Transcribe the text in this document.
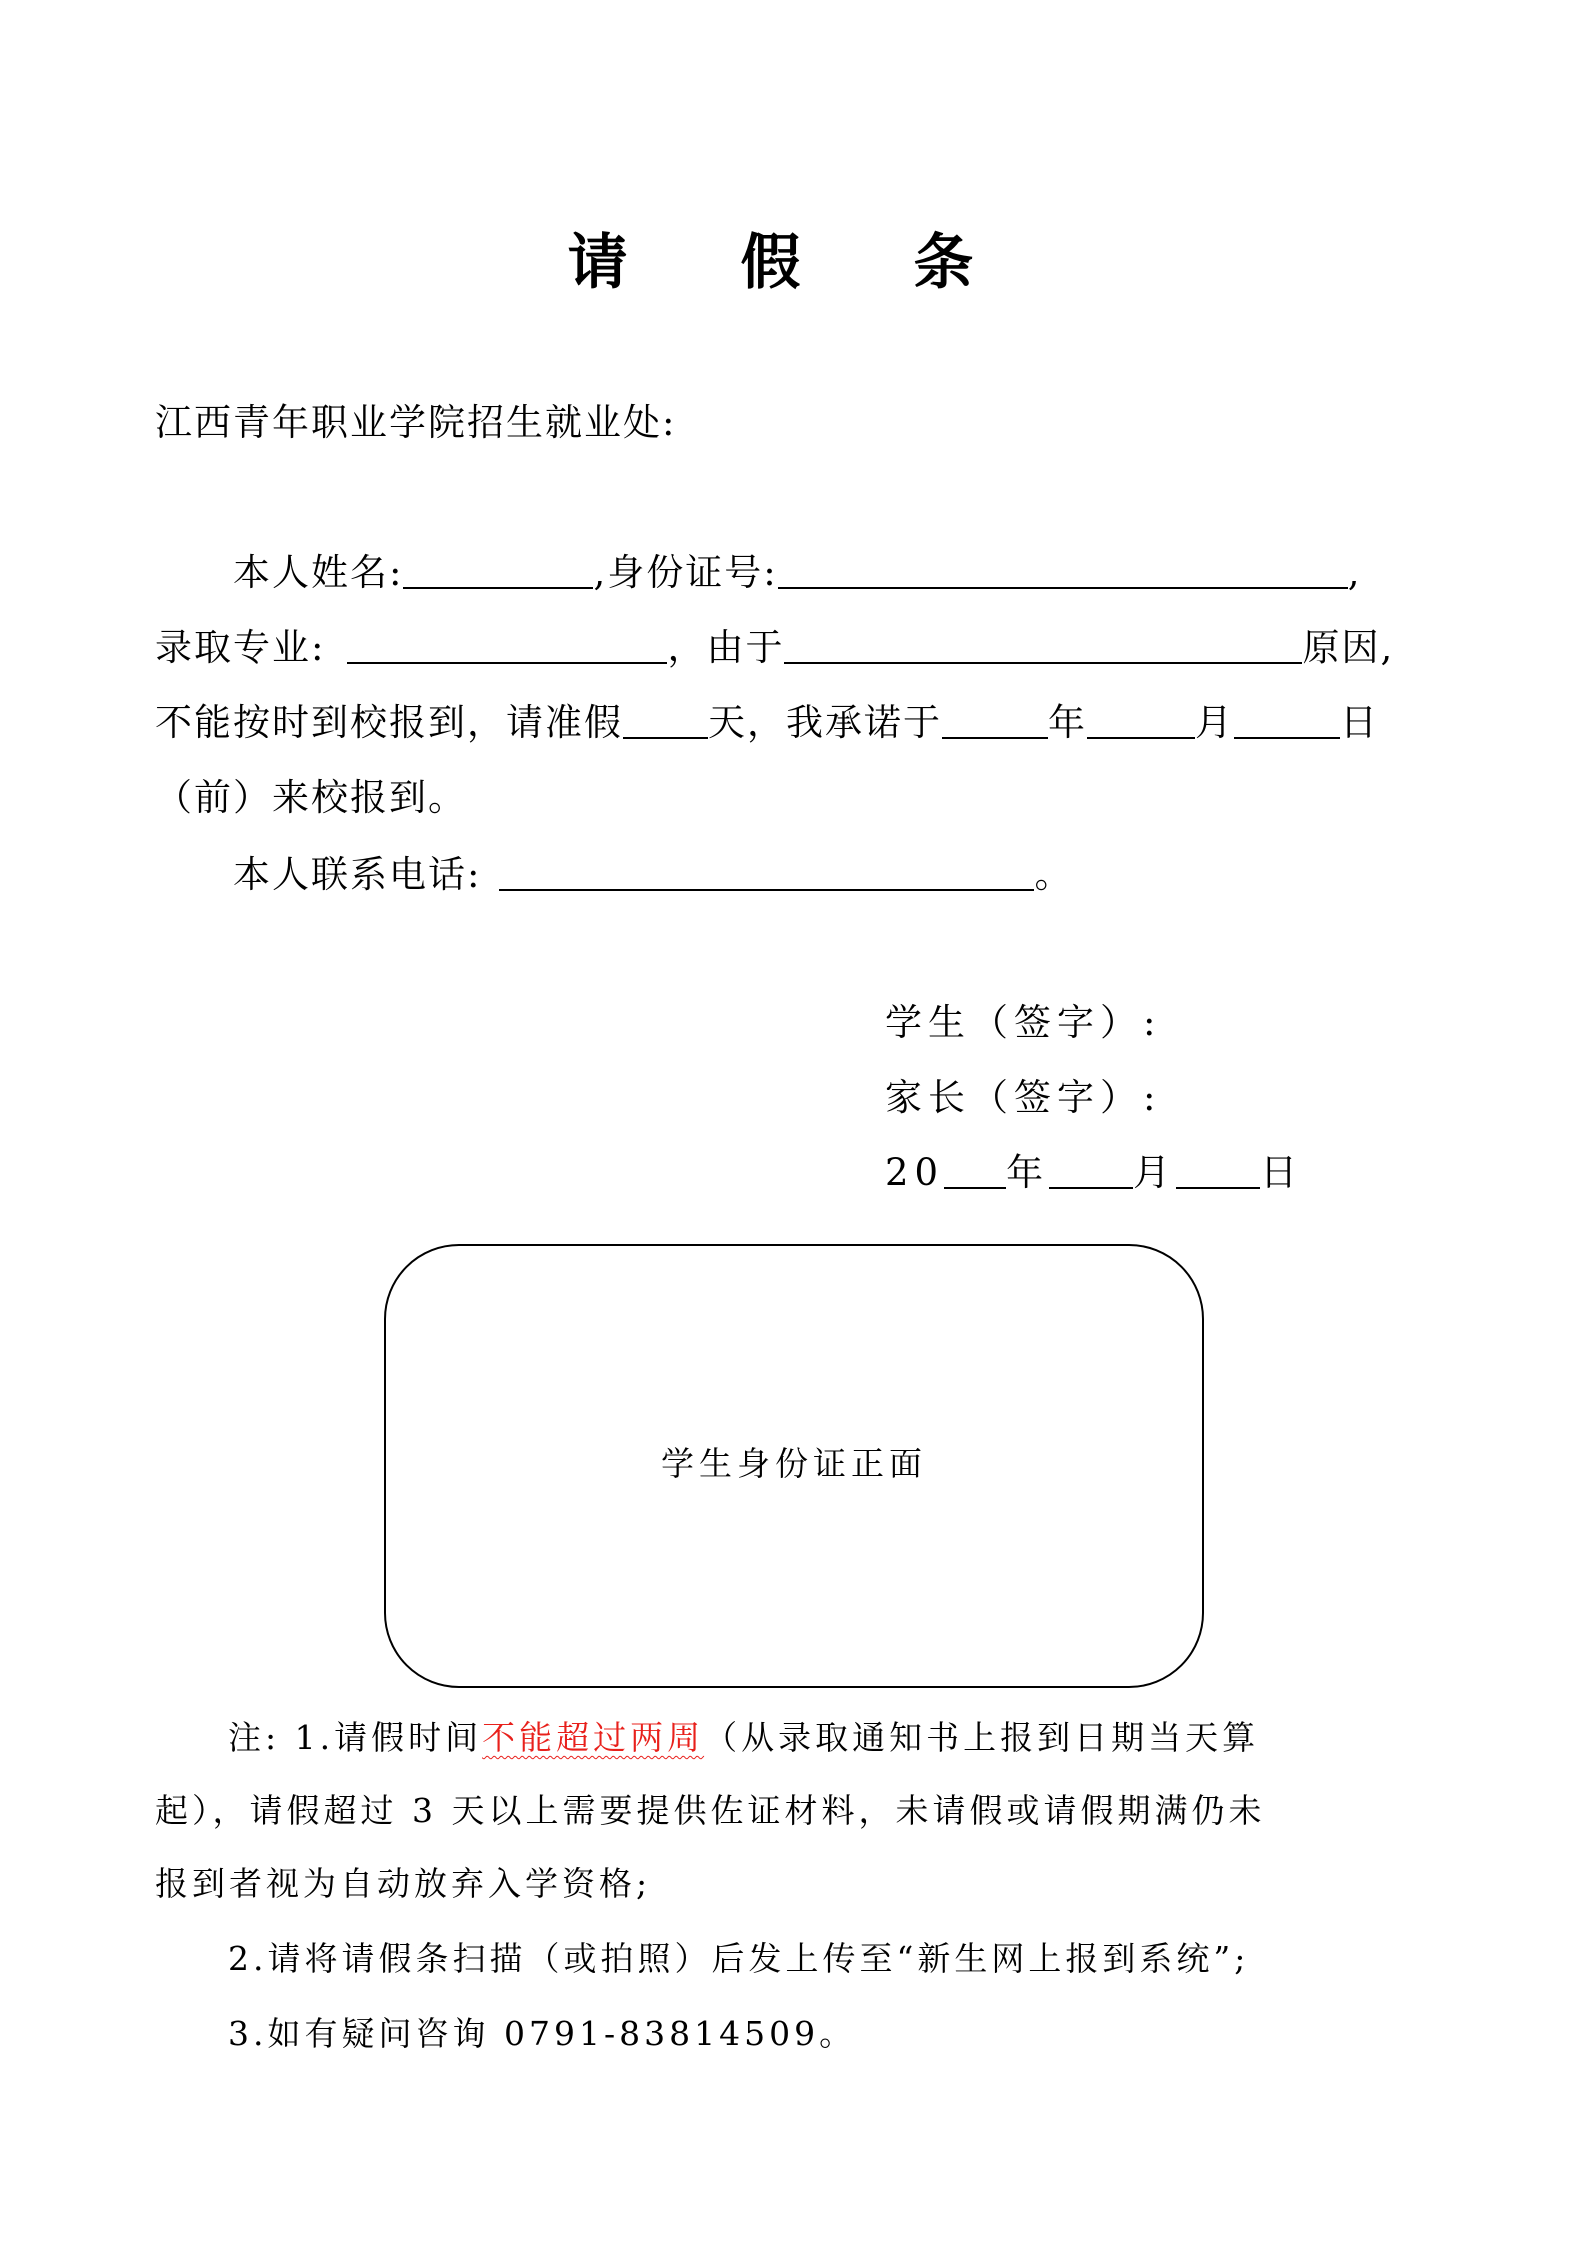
请 假 条
江西青年职业学院招生就业处:
本人姓名:	,身份证号:	,
录取专业:	，由于	原因,
不能按时到校报到，请准假 天，我承诺于	年	月	日
（前）来校报到。
本人联系电话:	。
学生（签字）:
家长（签字）:
20 年 月 日
学生身份证正面
注: 1.请假时间不能超过两周（从录取通知书上报到日期当天算
起），请假超过 3 天以上需要提供佐证材料，未请假或请假期满仍未
报到者视为自动放弃入学资格;
2.请将请假条扫描（或拍照）后发上传至“新生网上报到系统”;
3.如有疑问咨询 0791-83814509。
